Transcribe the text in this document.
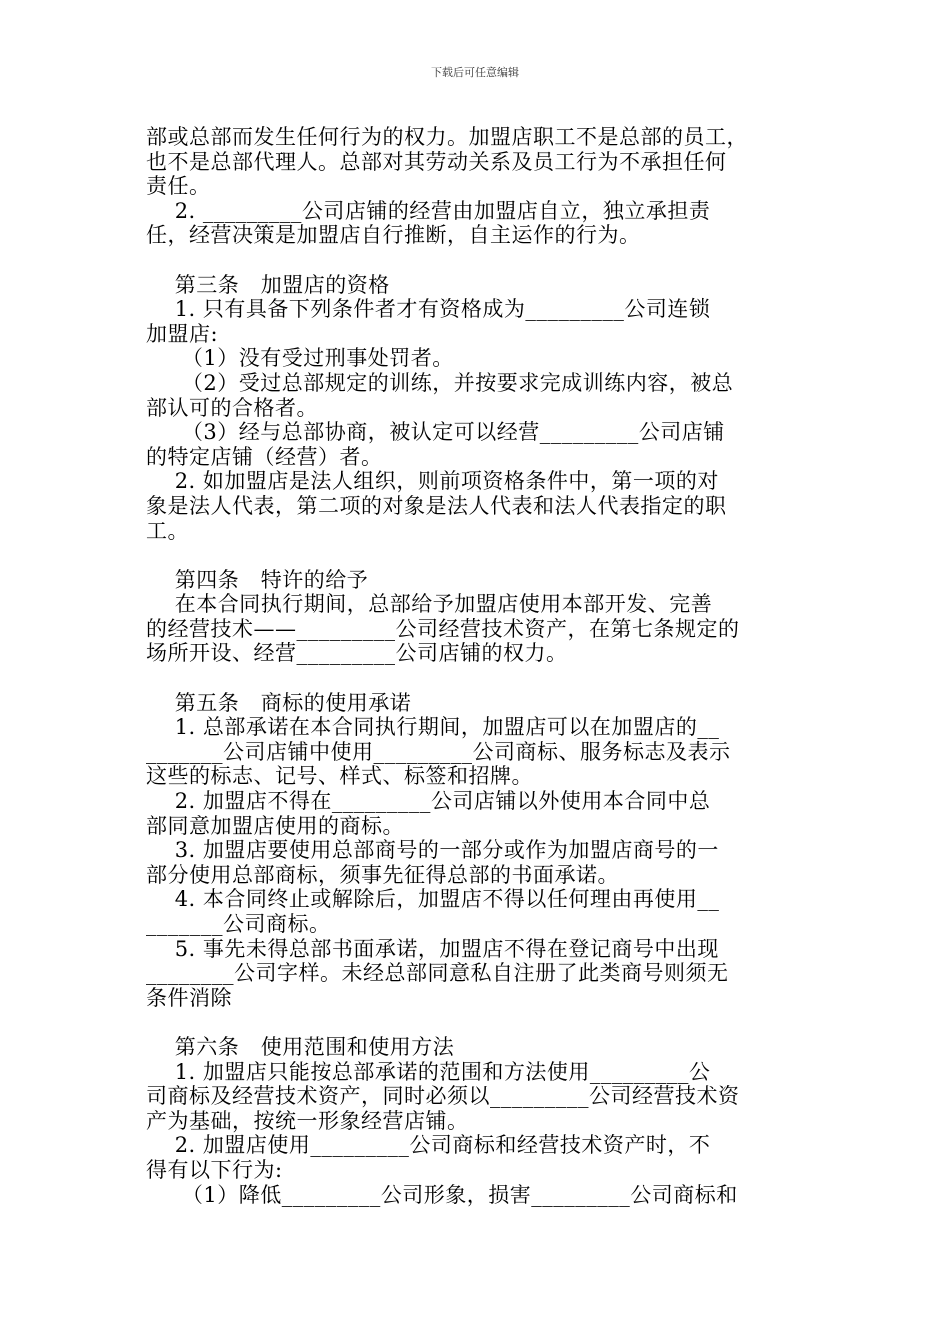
下载后可任意编辑
部或总部而发生任何行为的权力。加盟店职工不是总部的员工，
也不是总部代理人。总部对其劳动关系及员工行为不承担任何
责任。
2. _________公司店铺的经营由加盟店自立，独立承担责
任，经营决策是加盟店自行推断，自主运作的行为。
第三条   加盟店的资格
1. 只有具备下列条件者才有资格成为_________公司连锁
加盟店:
（1）没有受过刑事处罚者。
（2）受过总部规定的训练，并按要求完成训练内容，被总
部认可的合格者。
（3）经与总部协商，被认定可以经营_________公司店铺
的特定店铺（经营）者。
2. 如加盟店是法人组织，则前项资格条件中，第一项的对
象是法人代表，第二项的对象是法人代表和法人代表指定的职
工。
第四条   特许的给予
在本合同执行期间，总部给予加盟店使用本部开发、完善
的经营技术——_________公司经营技术资产，在第七条规定的
场所开设、经营_________公司店铺的权力。
第五条   商标的使用承诺
1. 总部承诺在本合同执行期间，加盟店可以在加盟店的__
_______公司店铺中使用_________公司商标、服务标志及表示
这些的标志、记号、样式、标签和招牌。
2. 加盟店不得在_________公司店铺以外使用本合同中总
部同意加盟店使用的商标。
3. 加盟店要使用总部商号的一部分或作为加盟店商号的一
部分使用总部商标，须事先征得总部的书面承诺。
4. 本合同终止或解除后，加盟店不得以任何理由再使用__
_______公司商标。
5. 事先未得总部书面承诺，加盟店不得在登记商号中出现
________公司字样。未经总部同意私自注册了此类商号则须无
条件消除
第六条   使用范围和使用方法
1. 加盟店只能按总部承诺的范围和方法使用_________公
司商标及经营技术资产，同时必须以_________公司经营技术资
产为基础，按统一形象经营店铺。
2. 加盟店使用_________公司商标和经营技术资产时，不
得有以下行为:
（1）降低_________公司形象，损害_________公司商标和
